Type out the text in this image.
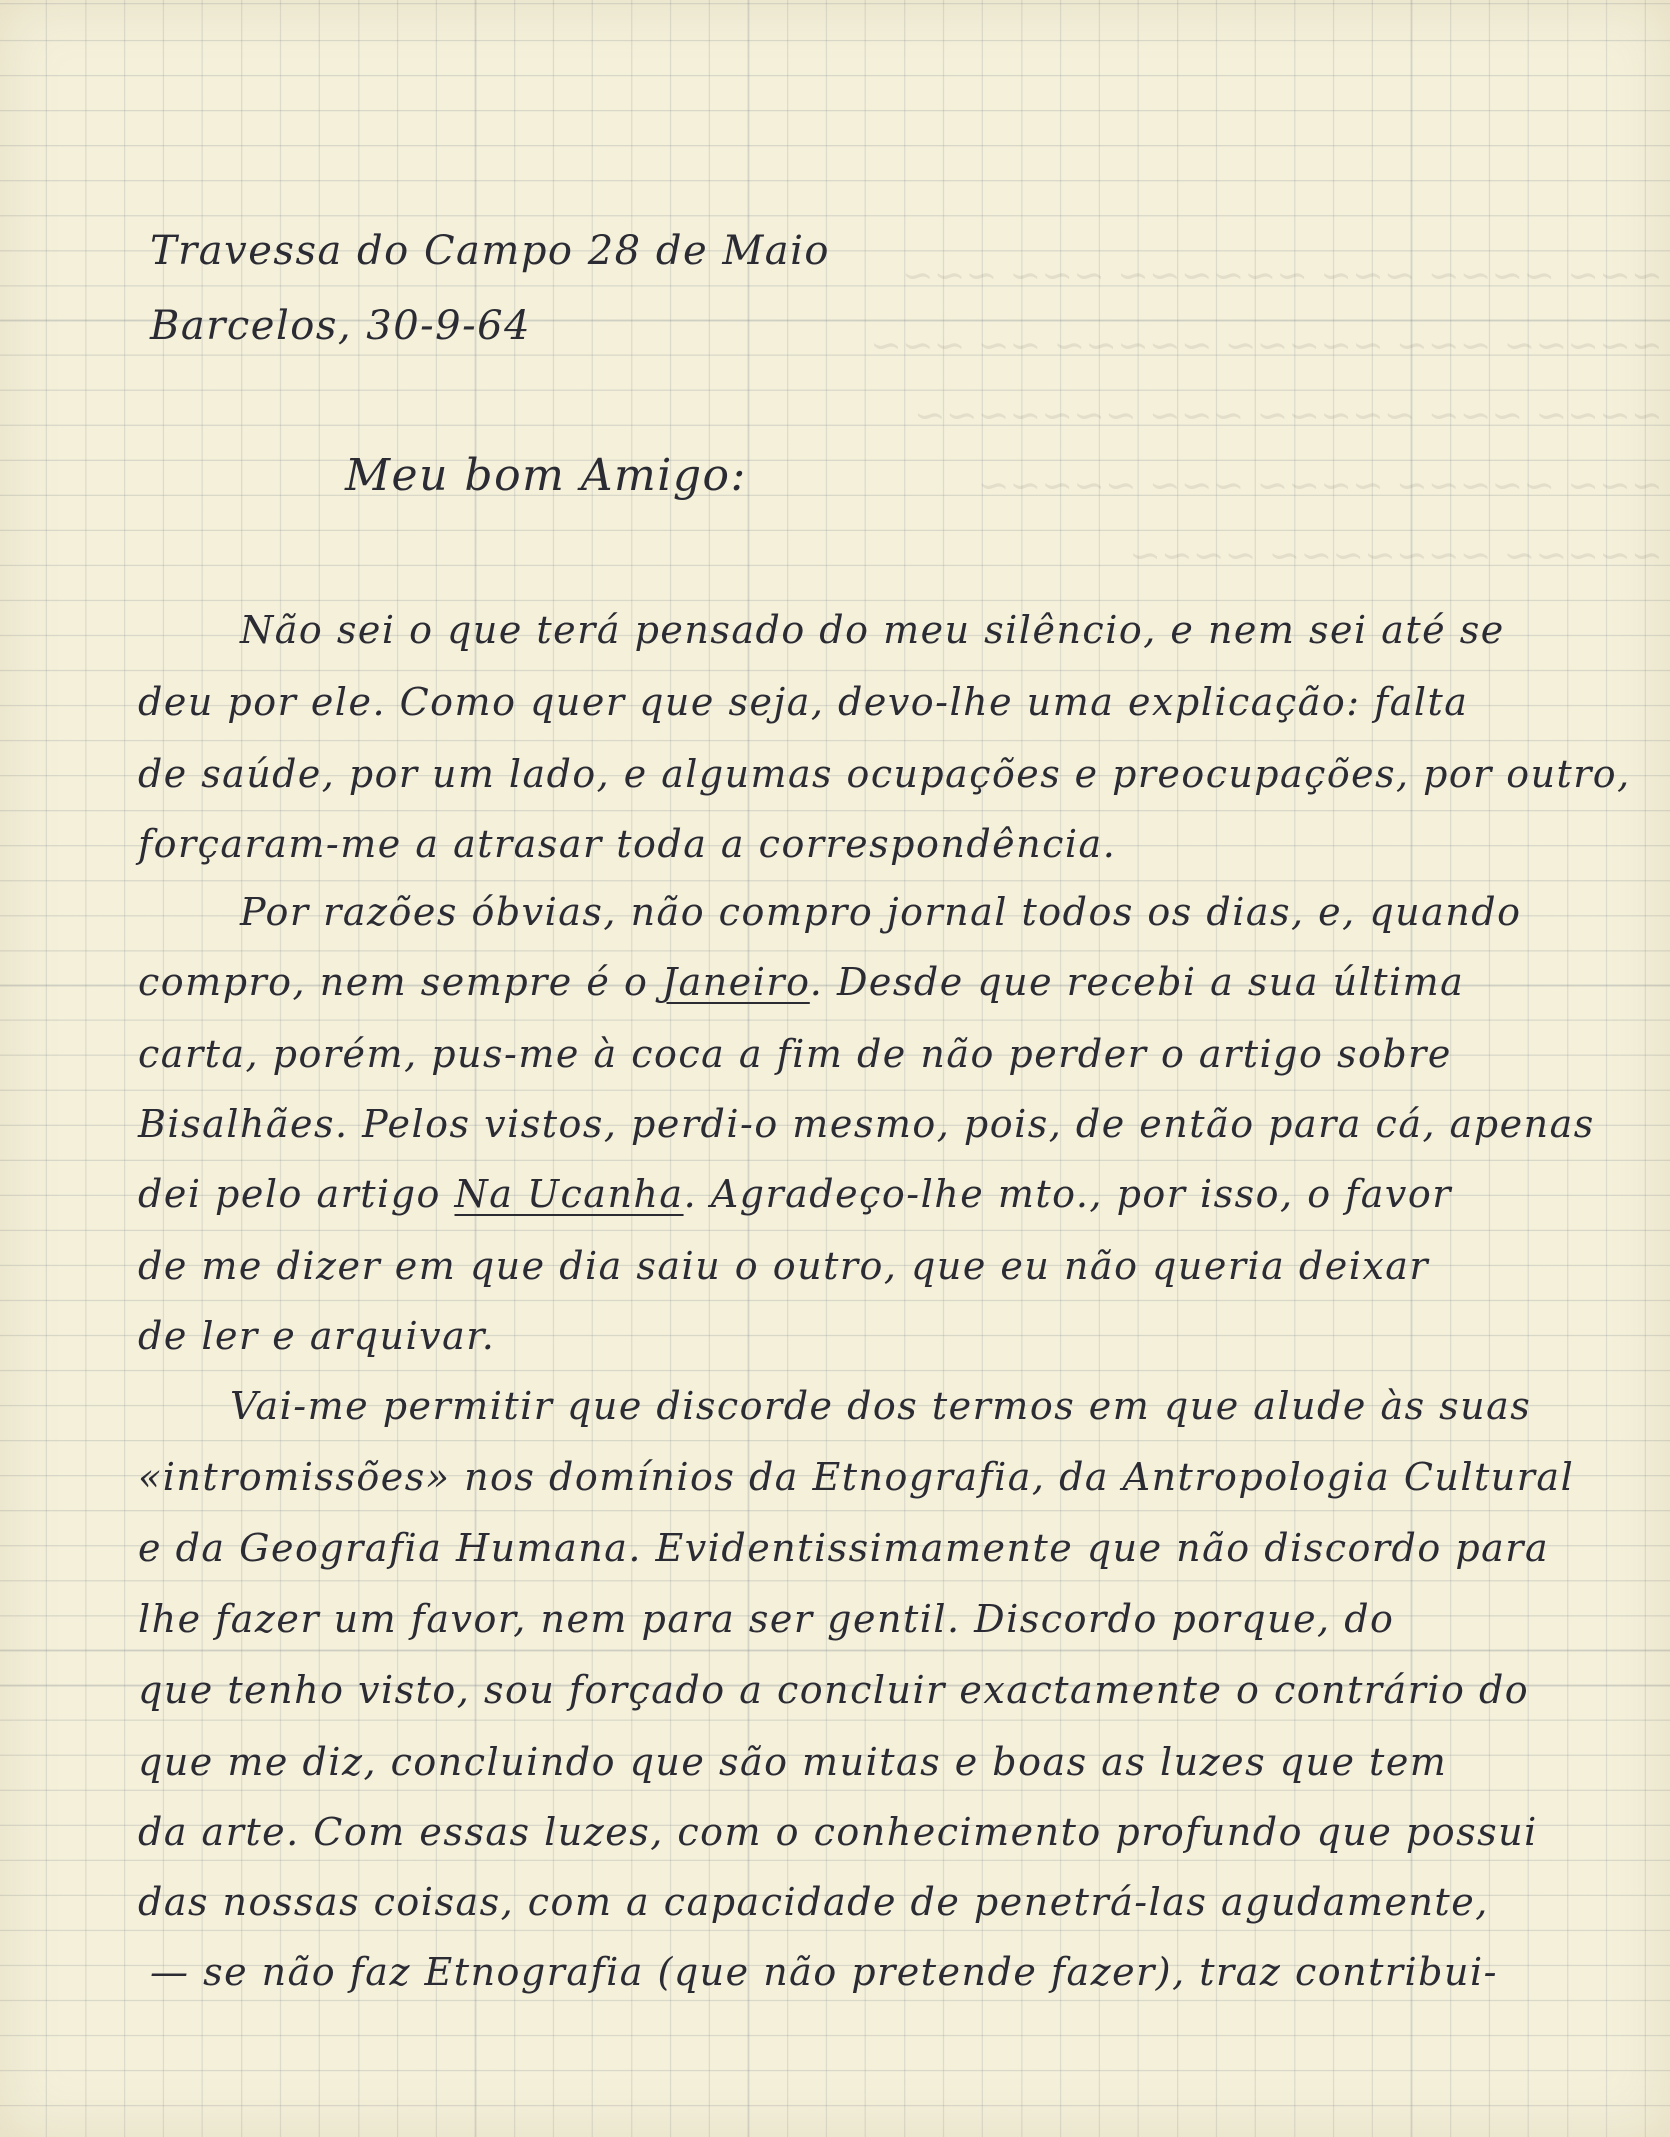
~~~ ~~~~ ~~~ ~~~~~~ ~~~ ~~~
~~~~~ ~~~ ~~~~~ ~~~~~ ~~ ~~~
~~~~ ~~~ ~~~~~ ~~~ ~~~~~~~
~~~ ~~~~~ ~~~~ ~~~ ~~~~~
~~~~~ ~~~~~~~ ~~~~
Travessa do Campo 28 de Maio
Barcelos, 30-9-64
Meu bom Amigo:
Não sei o que terá pensado do meu silêncio, e nem sei até se
deu por ele. Como quer que seja, devo-lhe uma explicação: falta
de saúde, por um lado, e algumas ocupações e preocupações, por outro,
forçaram-me a atrasar toda a correspondência.
Por razões óbvias, não compro jornal todos os dias, e, quando
compro, nem sempre é o Janeiro. Desde que recebi a sua última
carta, porém, pus-me à coca a fim de não perder o artigo sobre
Bisalhães. Pelos vistos, perdi-o mesmo, pois, de então para cá, apenas
dei pelo artigo Na Ucanha. Agradeço-lhe mto., por isso, o favor
de me dizer em que dia saiu o outro, que eu não queria deixar
de ler e arquivar.
Vai-me permitir que discorde dos termos em que alude às suas
«intromissões» nos domínios da Etnografia, da Antropologia Cultural
e da Geografia Humana. Evidentissimamente que não discordo para
lhe fazer um favor, nem para ser gentil. Discordo porque, do
que tenho visto, sou forçado a concluir exactamente o contrário do
que me diz, concluindo que são muitas e boas as luzes que tem
da arte. Com essas luzes, com o conhecimento profundo que possui
das nossas coisas, com a capacidade de penetrá-las agudamente,
— se não faz Etnografia (que não pretende fazer), traz contribui-
